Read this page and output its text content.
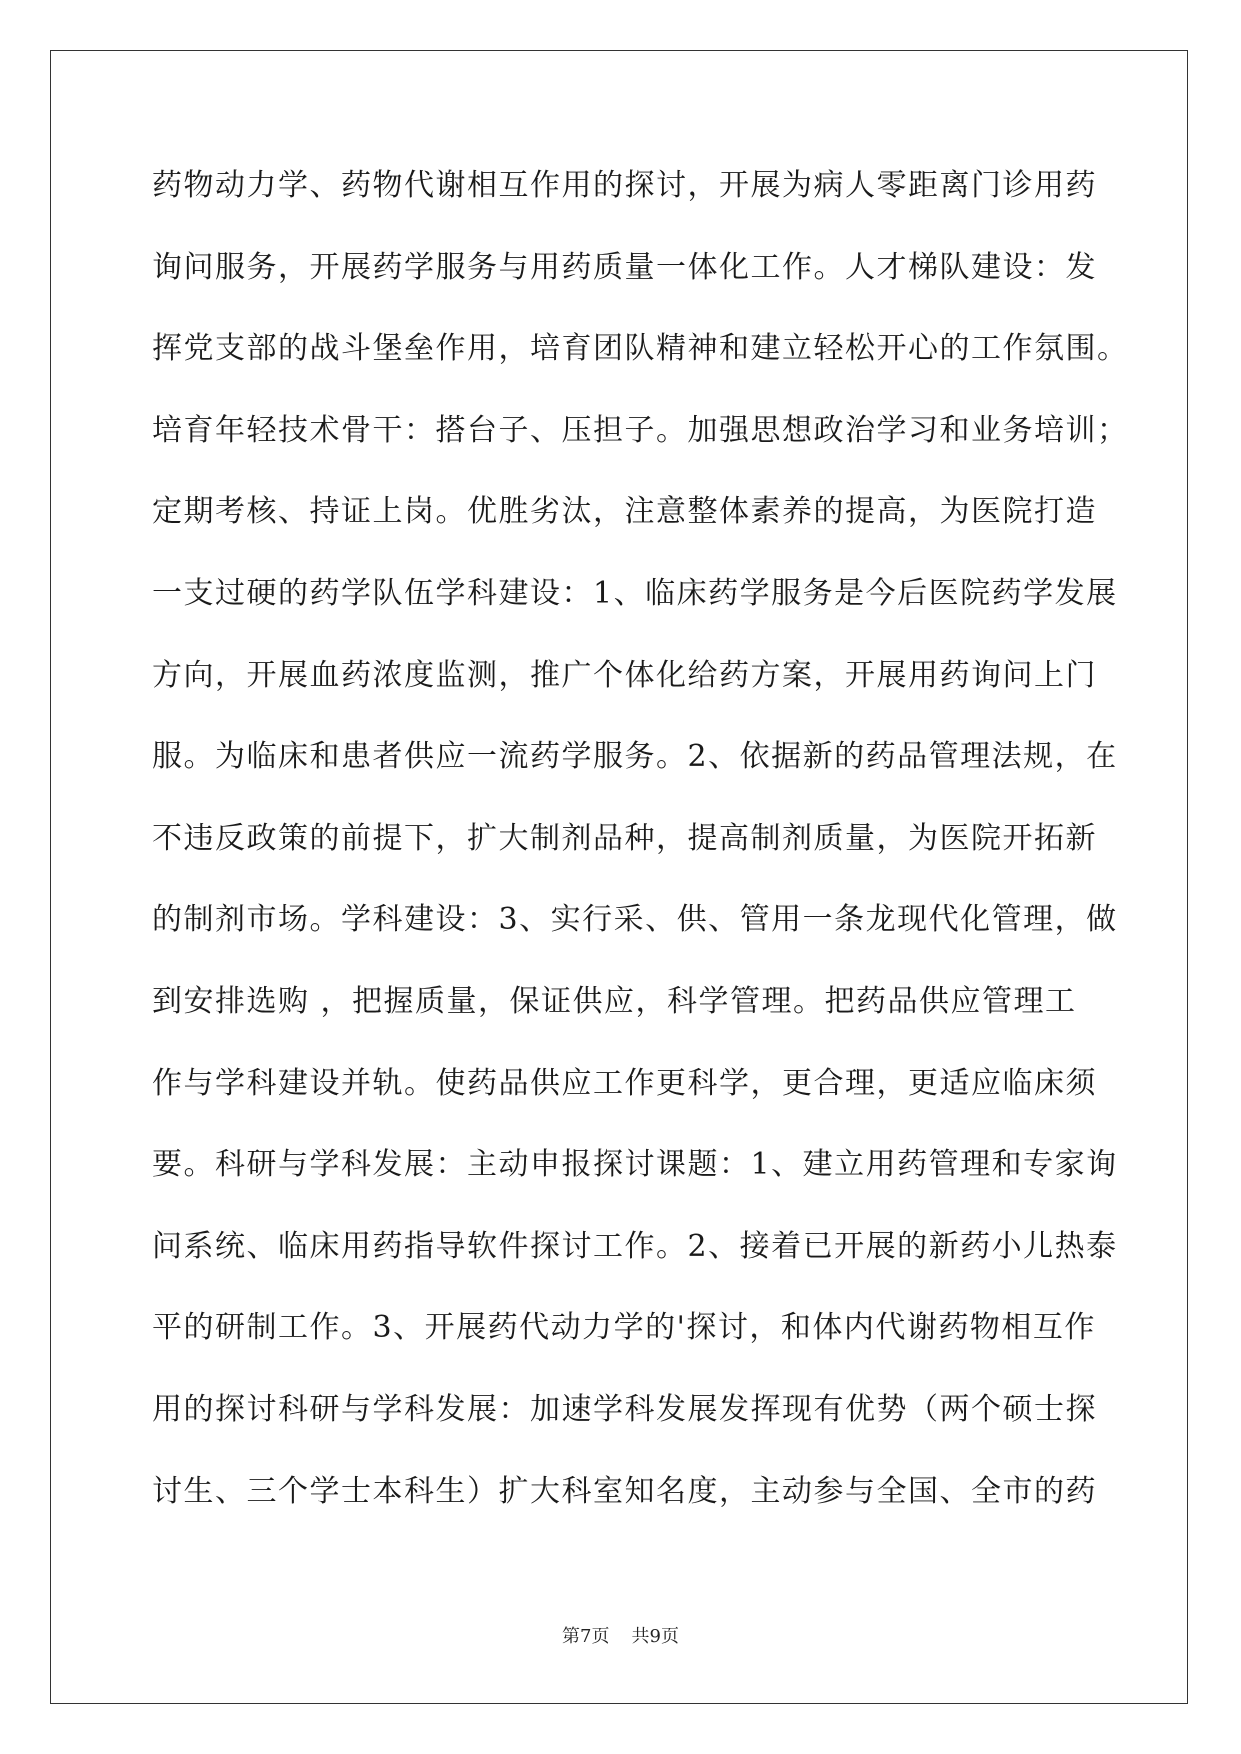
药物动力学、药物代谢相互作用的探讨，开展为病人零距离门诊用药
询问服务，开展药学服务与用药质量一体化工作。人才梯队建设：发
挥党支部的战斗堡垒作用，培育团队精神和建立轻松开心的工作氛围。
培育年轻技术骨干：搭台子、压担子。加强思想政治学习和业务培训；
定期考核、持证上岗。优胜劣汰，注意整体素养的提高，为医院打造
一支过硬的药学队伍学科建设：1、临床药学服务是今后医院药学发展
方向，开展血药浓度监测，推广个体化给药方案，开展用药询问上门
服。为临床和患者供应一流药学服务。2、依据新的药品管理法规，在
不违反政策的前提下，扩大制剂品种，提高制剂质量，为医院开拓新
的制剂市场。学科建设：3、实行采、供、管用一条龙现代化管理，做
到安排选购 ，把握质量，保证供应，科学管理。把药品供应管理工
作与学科建设并轨。使药品供应工作更科学，更合理，更适应临床须
要。科研与学科发展：主动申报探讨课题：1、建立用药管理和专家询
问系统、临床用药指导软件探讨工作。2、接着已开展的新药小儿热泰
平的研制工作。3、开展药代动力学的'探讨，和体内代谢药物相互作
用的探讨科研与学科发展：加速学科发展发挥现有优势（两个硕士探
讨生、三个学士本科生）扩大科室知名度，主动参与全国、全市的药
第7页 共9页
